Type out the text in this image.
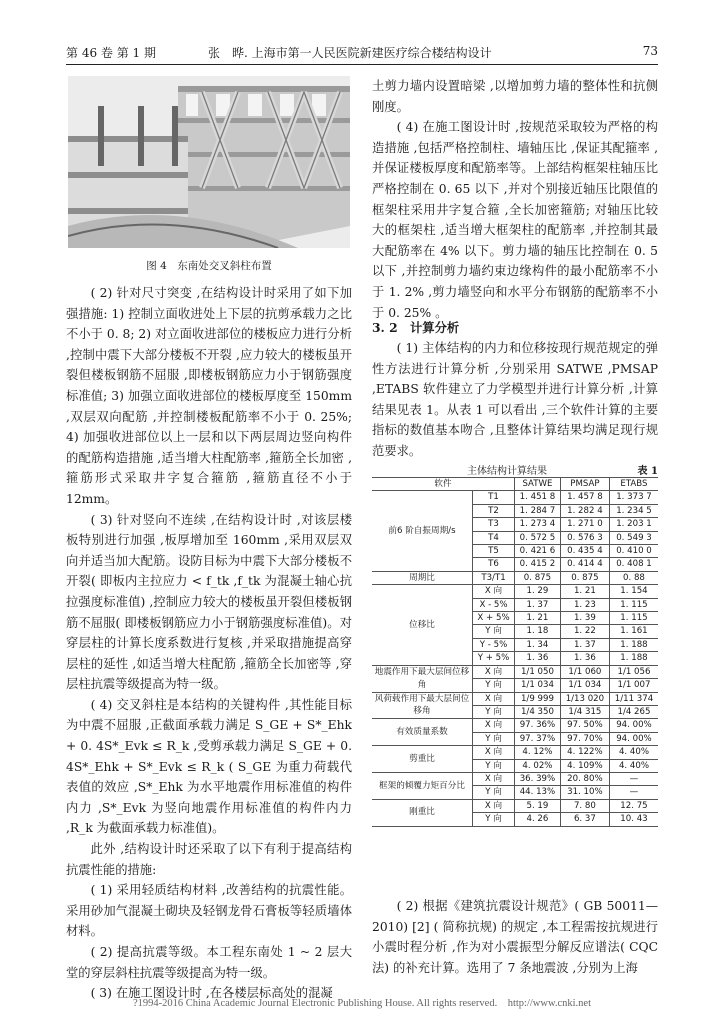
第 46 卷 第 1 期	张　晔. 上海市第一人民医院新建医疗综合楼结构设计	73
图 4　东南处交叉斜柱布置

( 2) 针对尺寸突变 ,在结构设计时采用了如下加强措施: 1) 控制立面收进处上下层的抗剪承载力之比不小于 0. 8; 2) 对立面收进部位的楼板应力进行分析 ,控制中震下大部分楼板不开裂 ,应力较大的楼板虽开裂但楼板钢筋不屈服 ,即楼板钢筋应力小于钢筋强度标准值; 3) 加强立面收进部位的楼板厚度至 150mm ,双层双向配筋 ,并控制楼板配筋率不小于 0. 25%; 4) 加强收进部位以上一层和以下两层周边竖向构件的配筋构造措施 ,适当增大柱配筋率 ,箍筋全长加密 ,箍筋形式采取井字复合箍筋 ,箍筋直径不小于 12mm。

( 3) 针对竖向不连续 ,在结构设计时 ,对该层楼板特别进行加强 ,板厚增加至 160mm ,采用双层双向并适当加大配筋。设防目标为中震下大部分楼板不开裂( 即板内主拉应力 < f_tk ,f_tk 为混凝土轴心抗拉强度标准值) ,控制应力较大的楼板虽开裂但楼板钢筋不屈服( 即楼板钢筋应力小于钢筋强度标准值)。对穿层柱的计算长度系数进行复核 ,并采取措施提高穿层柱的延性 ,如适当增大柱配筋 ,箍筋全长加密等 ,穿层柱抗震等级提高为特一级。

( 4) 交叉斜柱是本结构的关键构件 ,其性能目标为中震不屈服 ,正截面承载力满足 S_GE + S*_Ehk + 0. 4S*_Evk ≤ R_k ,受剪承载力满足 S_GE + 0. 4S*_Ehk + S*_Evk ≤ R_k ( S_GE 为重力荷载代表值的效应 ,S*_Ehk 为水平地震作用标准值的构件内力 ,S*_Evk 为竖向地震作用标准值的构件内力 ,R_k 为截面承载力标准值)。

此外 ,结构设计时还采取了以下有利于提高结构抗震性能的措施:

( 1) 采用轻质结构材料 ,改善结构的抗震性能。采用砂加气混凝土砌块及轻钢龙骨石膏板等轻质墙体材料。

( 2) 提高抗震等级。本工程东南处 1 ~ 2 层大堂的穿层斜柱抗震等级提高为特一级。

( 3) 在施工图设计时 ,在各楼层标高处的混凝

土剪力墙内设置暗梁 ,以增加剪力墙的整体性和抗侧刚度。

( 4) 在施工图设计时 ,按规范采取较为严格的构造措施 ,包括严格控制柱、墙轴压比 ,保证其配箍率 ,并保证楼板厚度和配筋率等。上部结构框架柱轴压比严格控制在 0. 65 以下 ,并对个别接近轴压比限值的框架柱采用井字复合箍 ,全长加密箍筋; 对轴压比较大的框架柱 ,适当增大框架柱的配筋率 ,并控制其最大配筋率在 4% 以下。剪力墙的轴压比控制在 0. 5 以下 ,并控制剪力墙约束边缘构件的最小配筋率不小于 1. 2% ,剪力墙竖向和水平分布钢筋的配筋率不小于 0. 25% 。

3. 2　计算分析

( 1) 主体结构的内力和位移按现行规范规定的弹性方法进行计算分析 ,分别采用 SATWE ,PMSAP ,ETABS 软件建立了力学模型并进行计算分析 ,计算结果见表 1。从表 1 可以看出 ,三个软件计算的主要指标的数值基本吻合 ,且整体计算结果均满足现行规范要求。

主体结构计算结果	表 1
软件		SATWE	PMSAP	ETABS
前6 阶自振周期/s	T1	1. 451 8	1. 457 8	1. 373 7
	T2	1. 284 7	1. 282 4	1. 234 5
	T3	1. 273 4	1. 271 0	1. 203 1
	T4	0. 572 5	0. 576 3	0. 549 3
	T5	0. 421 6	0. 435 4	0. 410 0
	T6	0. 415 2	0. 414 4	0. 408 1
周期比	T3/T1	0. 875	0. 875	0. 88
位移比	X 向	1. 29	1. 21	1. 154
	X - 5%	1. 37	1. 23	1. 115
	X + 5%	1. 21	1. 39	1. 115
	Y 向	1. 18	1. 22	1. 161
	Y - 5%	1. 34	1. 37	1. 188
	Y + 5%	1. 36	1. 36	1. 188
地震作用下最大层间位移角	X 向	1/1 050	1/1 060	1/1 056
	Y 向	1/1 034	1/1 034	1/1 007
风荷载作用下最大层间位移角	X 向	1/9 999	1/13 020	1/11 374
	Y 向	1/4 350	1/4 315	1/4 265
有效质量系数	X 向	97. 36%	97. 50%	94. 00%
	Y 向	97. 37%	97. 70%	94. 00%
剪重比	X 向	4. 12%	4. 122%	4. 40%
	Y 向	4. 02%	4. 109%	4. 40%
框架的倾覆力矩百分比	X 向	36. 39%	20. 80%	—
	Y 向	44. 13%	31. 10%	—
刚重比	X 向	5. 19	7. 80	12. 75
	Y 向	4. 26	6. 37	10. 43

( 2) 根据《建筑抗震设计规范》( GB 50011—2010) [2] ( 简称抗规) 的规定 ,本工程需按抗规进行小震时程分析 ,作为对小震振型分解反应谱法( CQC 法) 的补充计算。选用了 7 条地震波 ,分别为上海

?1994-2016 China Academic Journal Electronic Publishing House. All rights reserved.　http://www.cnki.net
